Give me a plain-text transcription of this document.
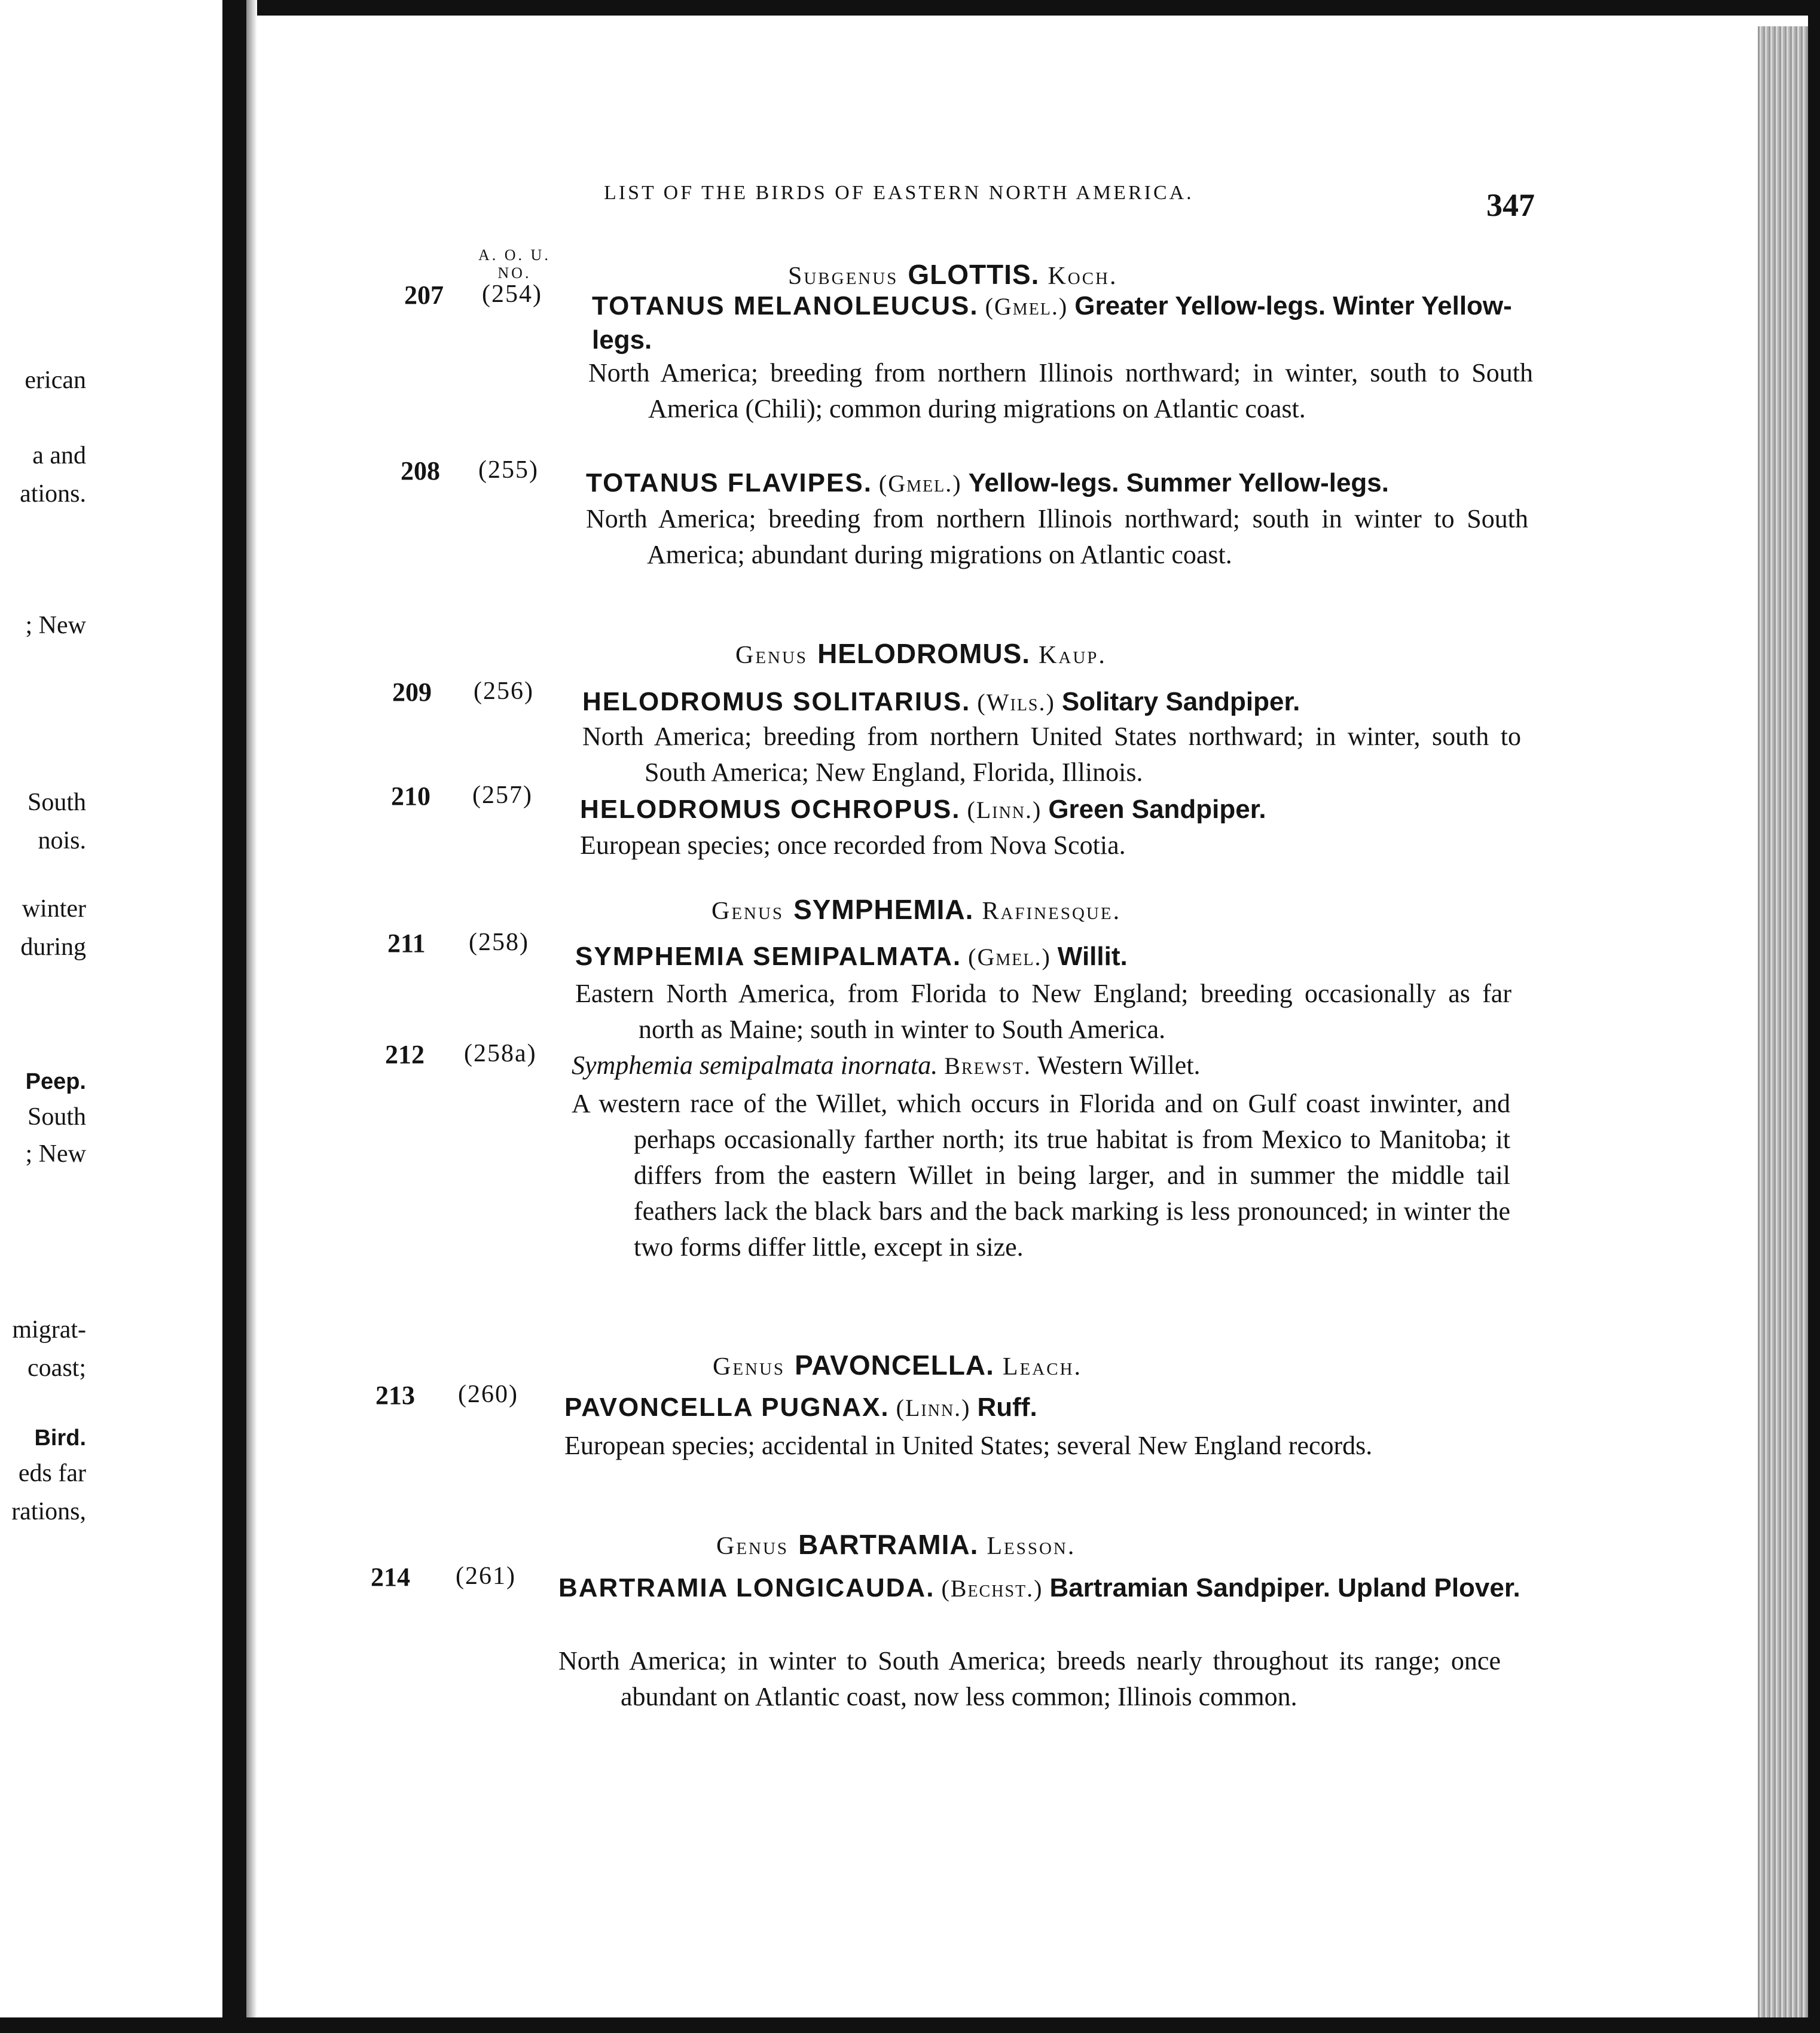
erican
a and
ations.
; New
South
nois.
winter
during
Peep.
South
; New
migrat-
coast;
Bird.
eds far
rations,
LIST OF THE BIRDS OF EASTERN NORTH AMERICA.	347
A. O. U.
NO.	Subgenus GLOTTIS. Koch.
207 (254) TOTANUS MELANOLEUCUS. (Gmel.) Greater Yellow-legs. Winter Yellow-legs.
North America; breeding from northern Illinois northward; in winter, south to South America (Chili); common during migrations on Atlantic coast.
208 (255) TOTANUS FLAVIPES. (Gmel.) Yellow-legs. Summer Yellow-legs.
North America; breeding from northern Illinois northward; south in winter to South America; abundant during migrations on Atlantic coast.
Genus HELODROMUS. Kaup.
209 (256) HELODROMUS SOLITARIUS. (Wils.) Solitary Sandpiper.
North America; breeding from northern United States northward; in winter, south to South America; New England, Florida, Illinois.
210 (257) HELODROMUS OCHROPUS. (Linn.) Green Sandpiper.
European species; once recorded from Nova Scotia.
Genus SYMPHEMIA. Rafinesque.
211 (258) SYMPHEMIA SEMIPALMATA. (Gmel.) Willit.
Eastern North America, from Florida to New England; breeding occasionally as far north as Maine; south in winter to South America.
212 (258a) Symphemia semipalmata inornata. Brewst. Western Willet.
A western race of the Willet, which occurs in Florida and on Gulf coast inwinter, and perhaps occasionally farther north; its true habitat is from Mexico to Manitoba; it differs from the eastern Willet in being larger, and in summer the middle tail feathers lack the black bars and the back marking is less pronounced; in winter the two forms differ little, except in size.
Genus PAVONCELLA. Leach.
213 (260) PAVONCELLA PUGNAX. (Linn.) Ruff.
European species; accidental in United States; several New England records.
Genus BARTRAMIA. Lesson.
214 (261) BARTRAMIA LONGICAUDA. (Bechst.) Bartramian Sandpiper. Upland Plover.
North America; in winter to South America; breeds nearly throughout its range; once abundant on Atlantic coast, now less common; Illinois common.
